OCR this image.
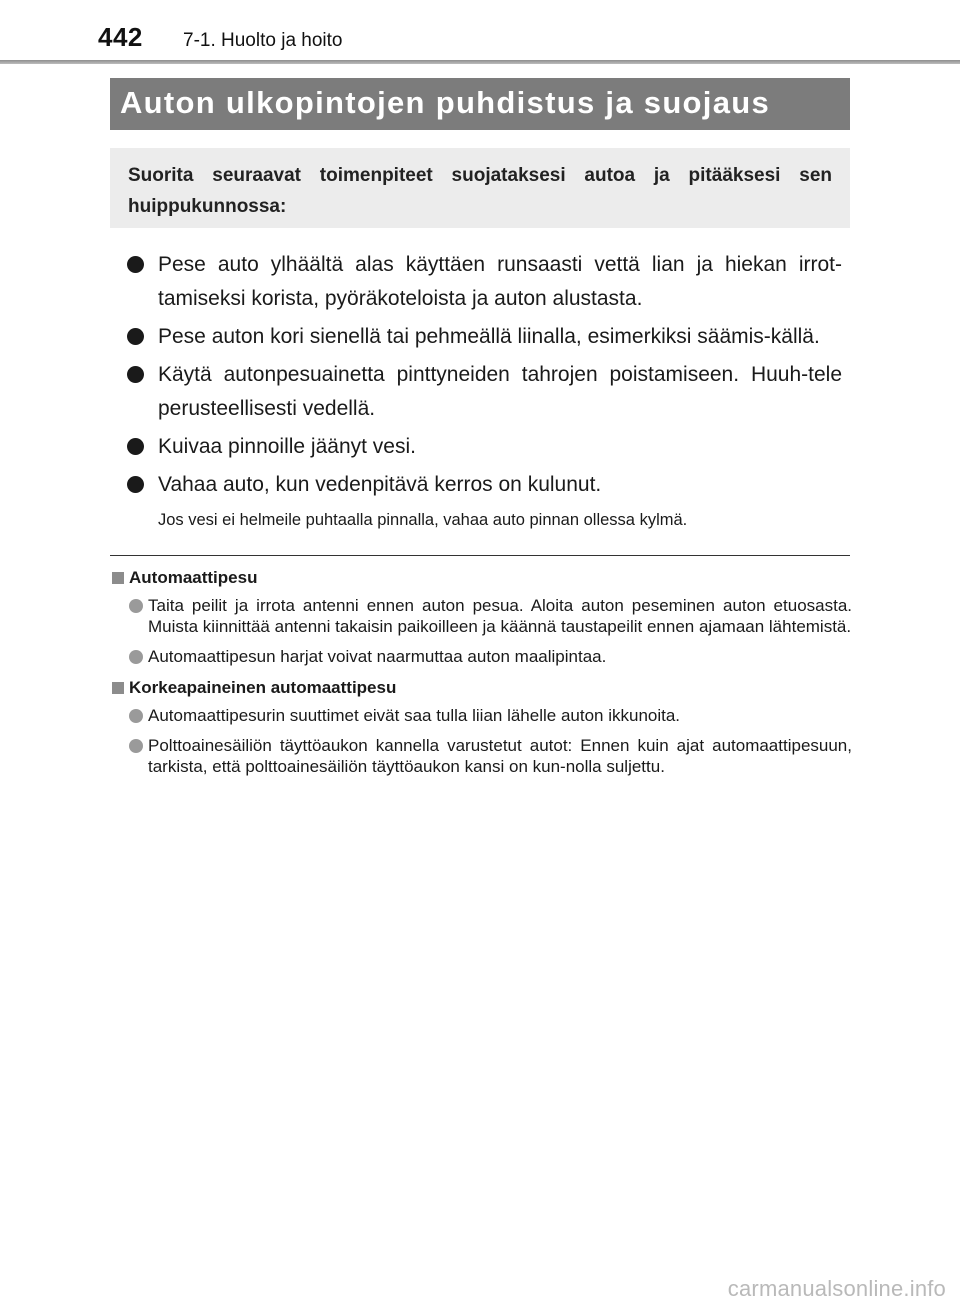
442 7-1. Huolto ja hoito
Auton ulkopintojen puhdistus ja suojaus

Suorita seuraavat toimenpiteet suojataksesi autoa ja pitääksesi sen huippukunnossa:

Pese auto ylhäältä alas käyttäen runsaasti vettä lian ja hiekan irrot-tamiseksi korista, pyöräkoteloista ja auton alustasta.
Pese auton kori sienellä tai pehmeällä liinalla, esimerkiksi säämis-källä.
Käytä autonpesuainetta pinttyneiden tahrojen poistamiseen. Huuh-tele perusteellisesti vedellä.
Kuivaa pinnoille jäänyt vesi.
Vahaa auto, kun vedenpitävä kerros on kulunut.

Jos vesi ei helmeile puhtaalla pinnalla, vahaa auto pinnan ollessa kylmä.

Automaattipesu
Taita peilit ja irrota antenni ennen auton pesua. Aloita auton peseminen auton etuosasta. Muista kiinnittää antenni takaisin paikoilleen ja käännä taustapeilit ennen ajamaan lähtemistä.
Automaattipesun harjat voivat naarmuttaa auton maalipintaa.
Korkeapaineinen automaattipesu
Automaattipesurin suuttimet eivät saa tulla liian lähelle auton ikkunoita.
Polttoainesäiliön täyttöaukon kannella varustetut autot: Ennen kuin ajat automaattipesuun, tarkista, että polttoainesäiliön täyttöaukon kansi on kun-nolla suljettu.
carmanualsonline.info
